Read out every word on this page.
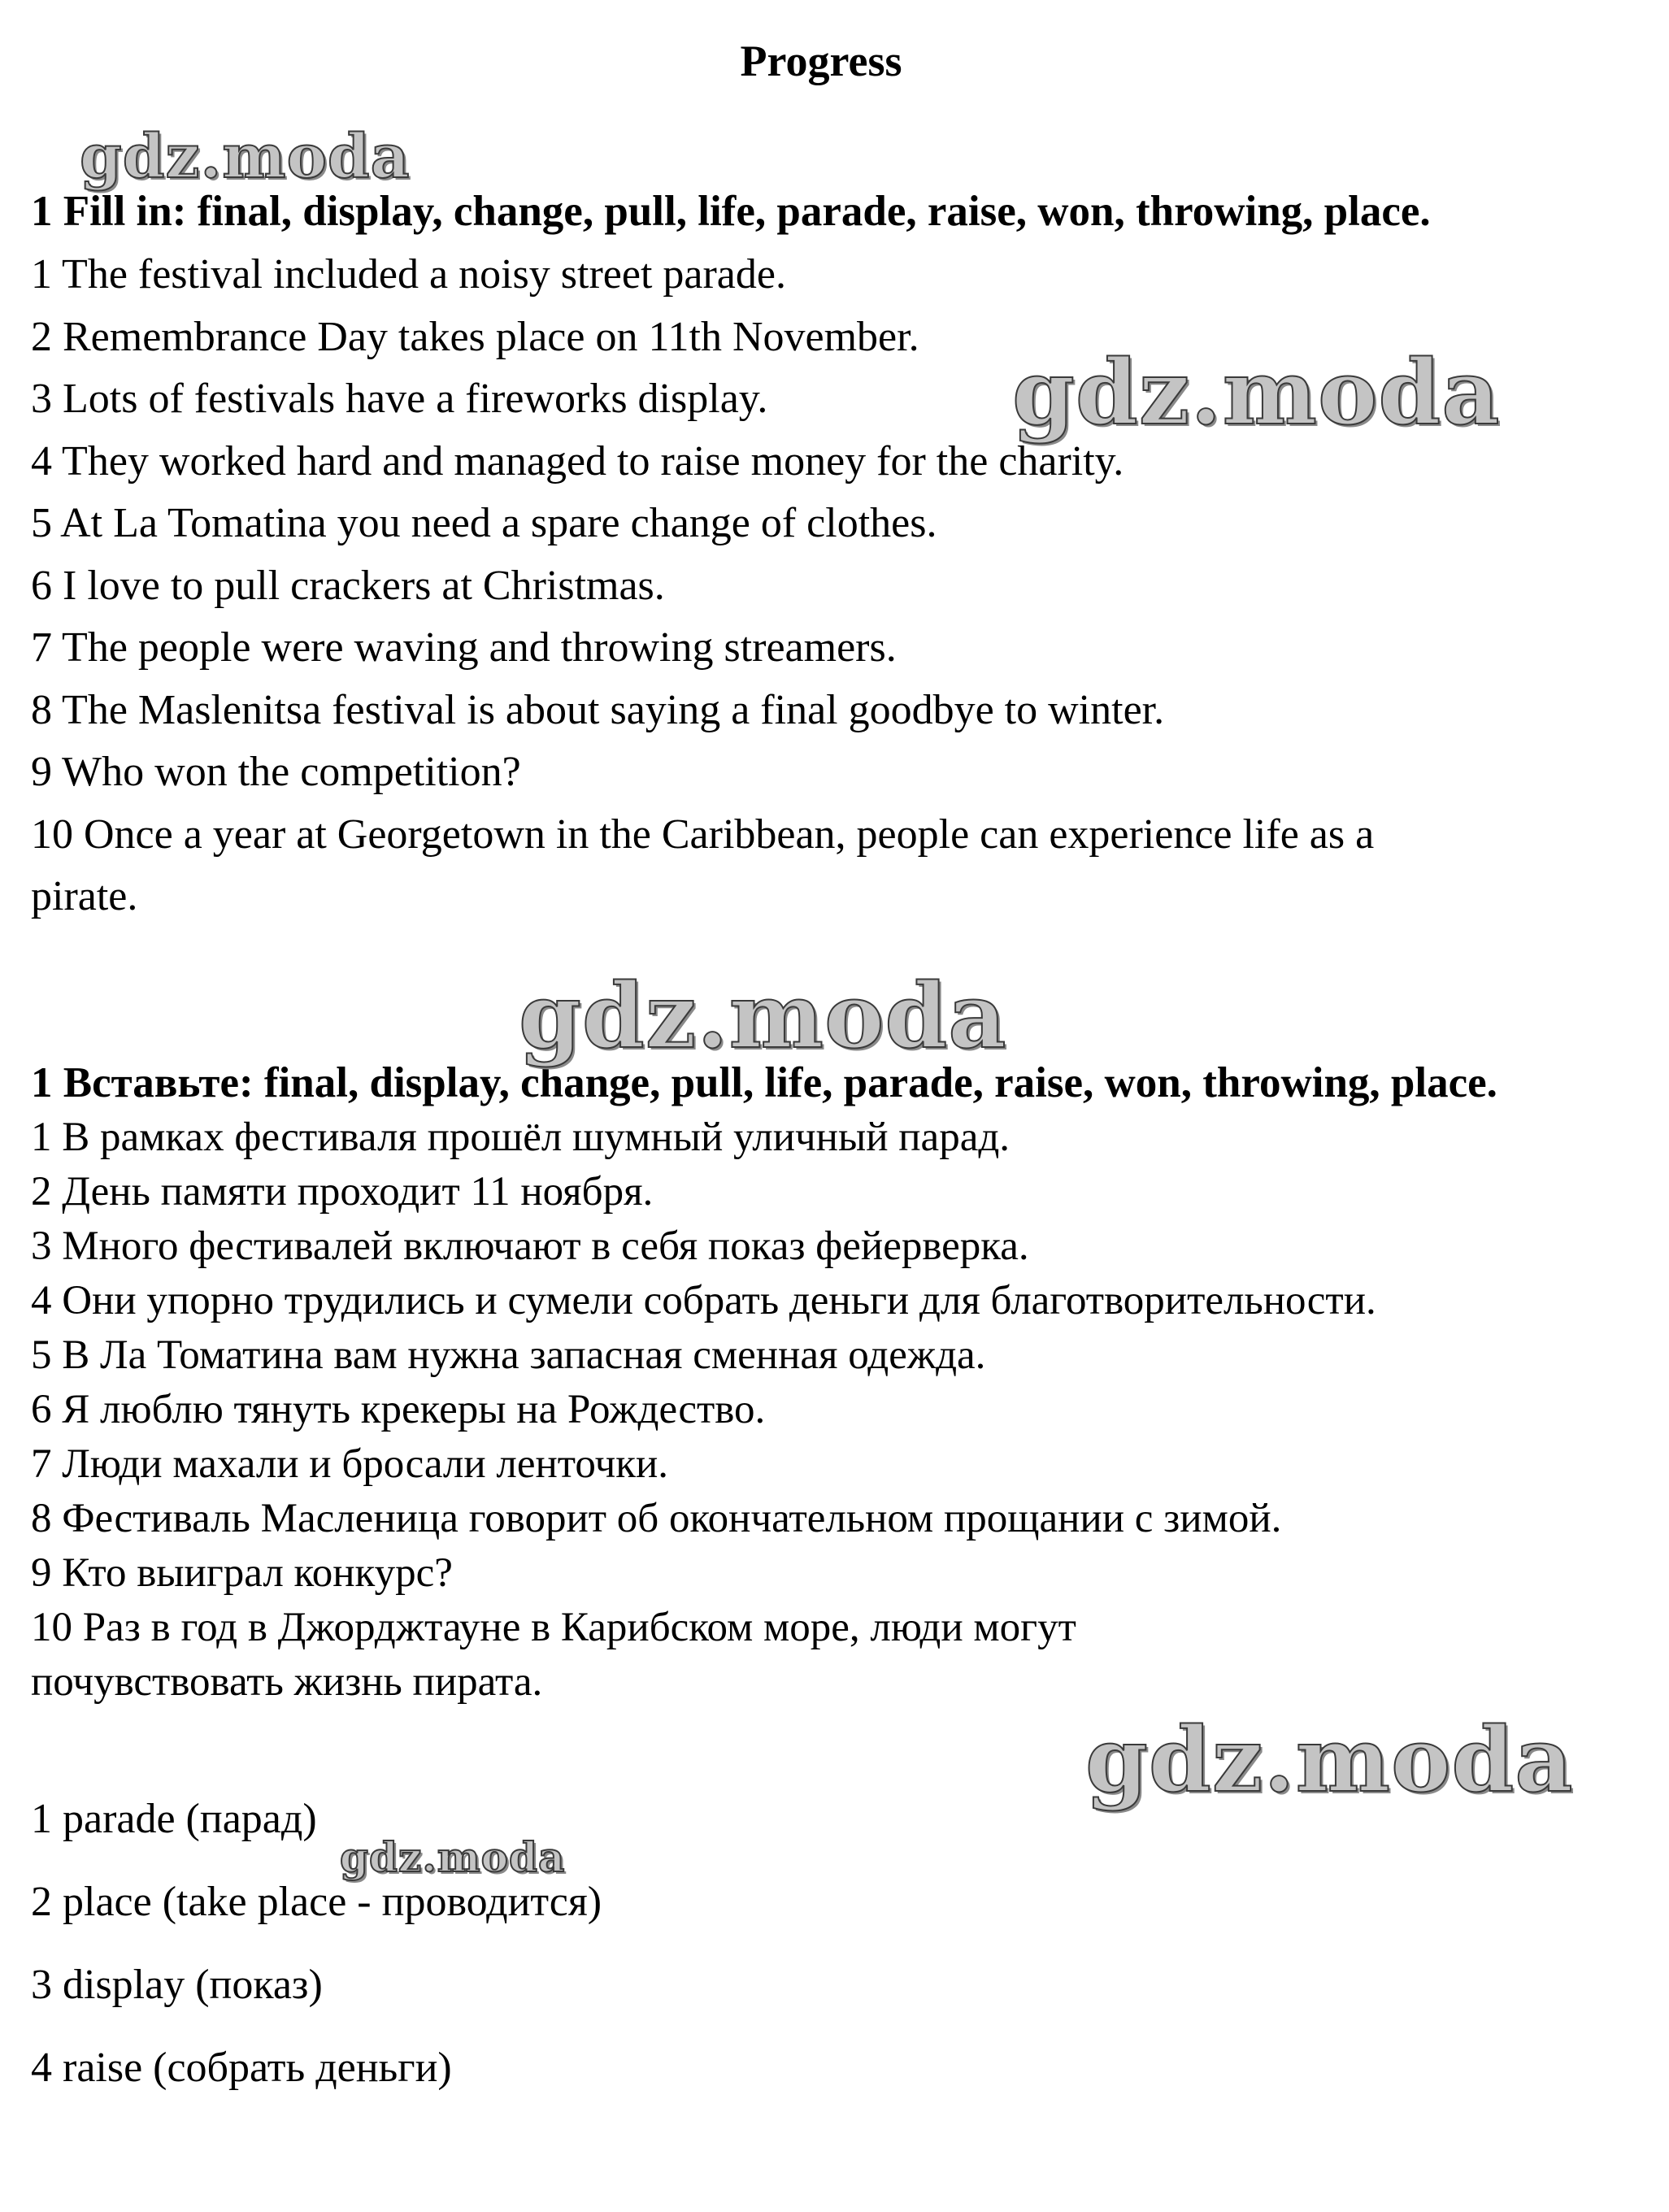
Progress

1 Fill in: final, display, change, pull, life, parade, raise, won, throwing, place.

1 The festival included a noisy street parade.

2 Remembrance Day takes place on 11th November.

3 Lots of festivals have a fireworks display.

4 They worked hard and managed to raise money for the charity.

5 At La Tomatina you need a spare change of clothes.

6 I love to pull crackers at Christmas.

7 The people were waving and throwing streamers.

8 The Maslenitsa festival is about saying a final goodbye to winter.

9 Who won the competition?

10 Once a year at Georgetown in the Caribbean, people can experience life as a

pirate.

1 Вставьте: final, display, change, pull, life, parade, raise, won, throwing, place.

1 В рамках фестиваля прошёл шумный уличный парад.

2 День памяти проходит 11 ноября.

3 Много фестивалей включают в себя показ фейерверка.

4 Они упорно трудились и сумели собрать деньги для благотворительности.

5 В Ла Томатина вам нужна запасная сменная одежда.

6 Я люблю тянуть крекеры на Рождество.

7 Люди махали и бросали ленточки.

8 Фестиваль Масленица говорит об окончательном прощании с зимой.

9 Кто выиграл конкурс?

10 Раз в год в Джорджтауне в Карибском море, люди могут почувствовать жизнь пирата.

1 parade (парад)

2 place (take place - проводится)

3 display (показ)

4 raise (собрать деньги)

gdz.moda
gdz.moda
gdz.moda
gdz.moda
gdz.moda
